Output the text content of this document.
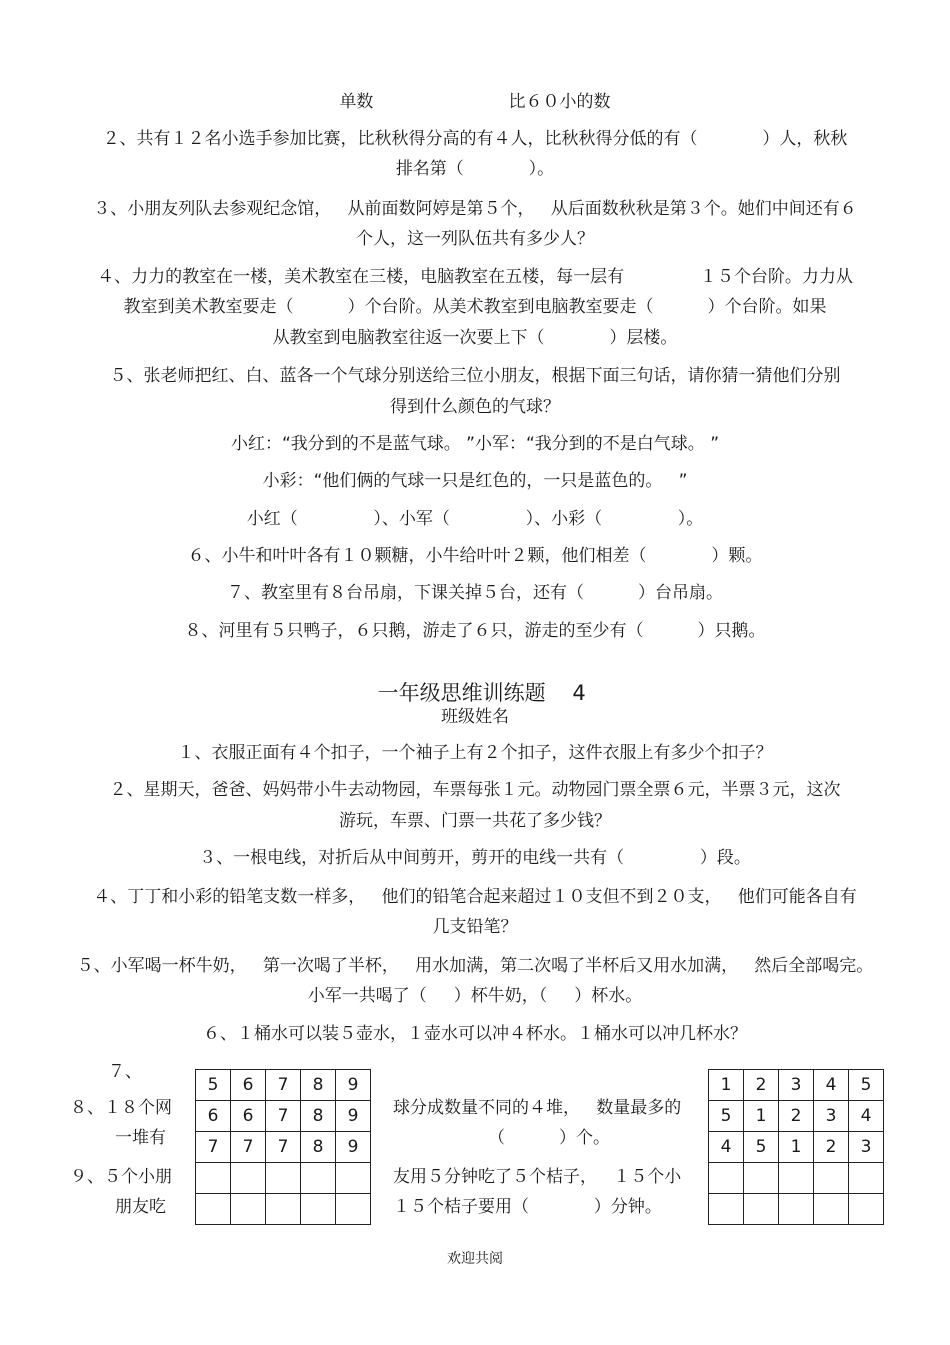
单数                         比６０小的数
２、共有１２名小选手参加比赛，比秋秋得分高的有４人，比秋秋得分低的有（            ）人，秋秋
排名第（            ）。
３、小朋友列队去参观纪念馆，   从前面数阿婷是第５个，   从后面数秋秋是第３个。她们中间还有６
个人，这一列队伍共有多少人？
４、力力的教室在一楼，美术教室在三楼，电脑教室在五楼，每一层有              １５个台阶。力力从
教室到美术教室要走（          ）个台阶。从美术教室到电脑教室要走（          ）个台阶。如果
从教室到电脑教室往返一次要上下（            ）层楼。
５、张老师把红、白、蓝各一个气球分别送给三位小朋友，根据下面三句话，请你猜一猜他们分别
得到什么颜色的气球？
小红：“我分到的不是蓝气球。 ”小军：“我分到的不是白气球。 ”
小彩：“他们俩的气球一只是红色的，一只是蓝色的。   ”
小红（              ）、小军（              ）、小彩（              ）。
６、小牛和叶叶各有１０颗糖，小牛给叶叶２颗，他们相差（            ）颗。
７、教室里有８台吊扇，下课关掉５台，还有（          ）台吊扇。
８、河里有５只鸭子，６只鹅，游走了６只，游走的至少有（          ）只鹅。

一年级思维训练题 4

班级姓名
１、衣服正面有４个扣子，一个袖子上有２个扣子，这件衣服上有多少个扣子？
２、星期天，爸爸、妈妈带小牛去动物园，车票每张１元。动物园门票全票６元，半票３元，这次
游玩，车票、门票一共花了多少钱？
３、一根电线，对折后从中间剪开，剪开的电线一共有（              ）段。
４、丁丁和小彩的铅笔支数一样多，   他们的铅笔合起来超过１０支但不到２０支，   他们可能各自有
几支铅笔？
５、小军喝一杯牛奶，   第一次喝了半杯，   用水加满，第二次喝了半杯后又用水加满，   然后全部喝完。
小军一共喝了（     ）杯牛奶，（     ）杯水。
６、１桶水可以装５壶水，１壶水可以冲４杯水。１桶水可以冲几杯水？
７、
８、１８个网
一堆有
９、５个小朋
朋友吃
5	6	7	8	9
6	6	7	8	9
7	7	7	8	9

球分成数量不同的４堆，   数量最多的
（          ）个。
友用５分钟吃了５个桔子，   １５个小
１５个桔子要用（            ）分钟。
1	2	3	4	5
5	1	2	3	4
4	5	1	2	3

欢迎共阅
